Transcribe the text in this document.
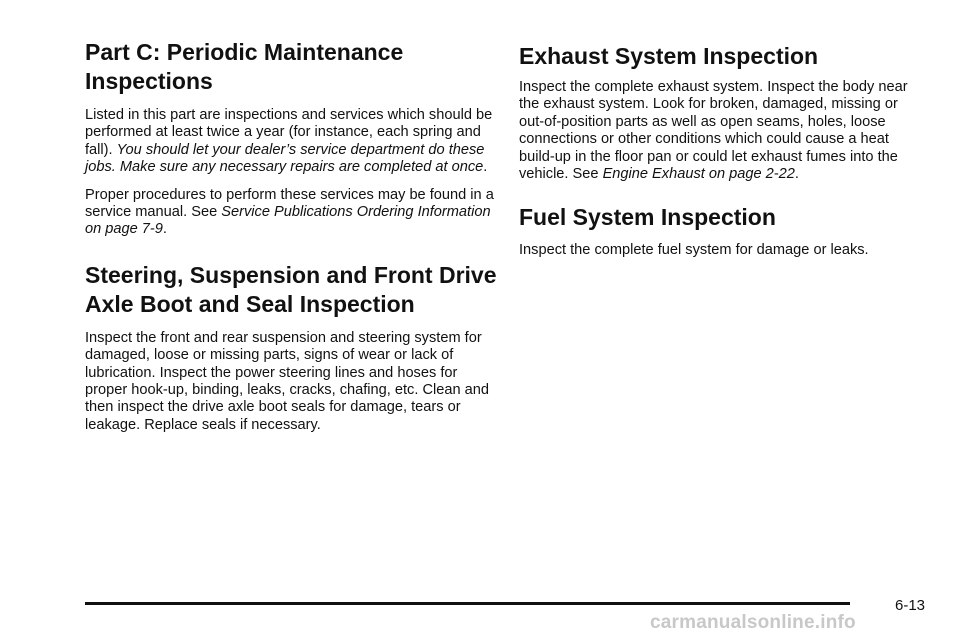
Part C: Periodic Maintenance Inspections

Listed in this part are inspections and services which should be performed at least twice a year (for instance, each spring and fall). You should let your dealer’s service department do these jobs. Make sure any necessary repairs are completed at once.

Proper procedures to perform these services may be found in a service manual. See Service Publications Ordering Information on page 7-9.

Steering, Suspension and Front Drive Axle Boot and Seal Inspection

Inspect the front and rear suspension and steering system for damaged, loose or missing parts, signs of wear or lack of lubrication. Inspect the power steering lines and hoses for proper hook-up, binding, leaks, cracks, chafing, etc. Clean and then inspect the drive axle boot seals for damage, tears or leakage. Replace seals if necessary.

Exhaust System Inspection

Inspect the complete exhaust system. Inspect the body near the exhaust system. Look for broken, damaged, missing or out-of-position parts as well as open seams, holes, loose connections or other conditions which could cause a heat build-up in the floor pan or could let exhaust fumes into the vehicle. See Engine Exhaust on page 2-22.

Fuel System Inspection

Inspect the complete fuel system for damage or leaks.

6-13
carmanualsonline.info
